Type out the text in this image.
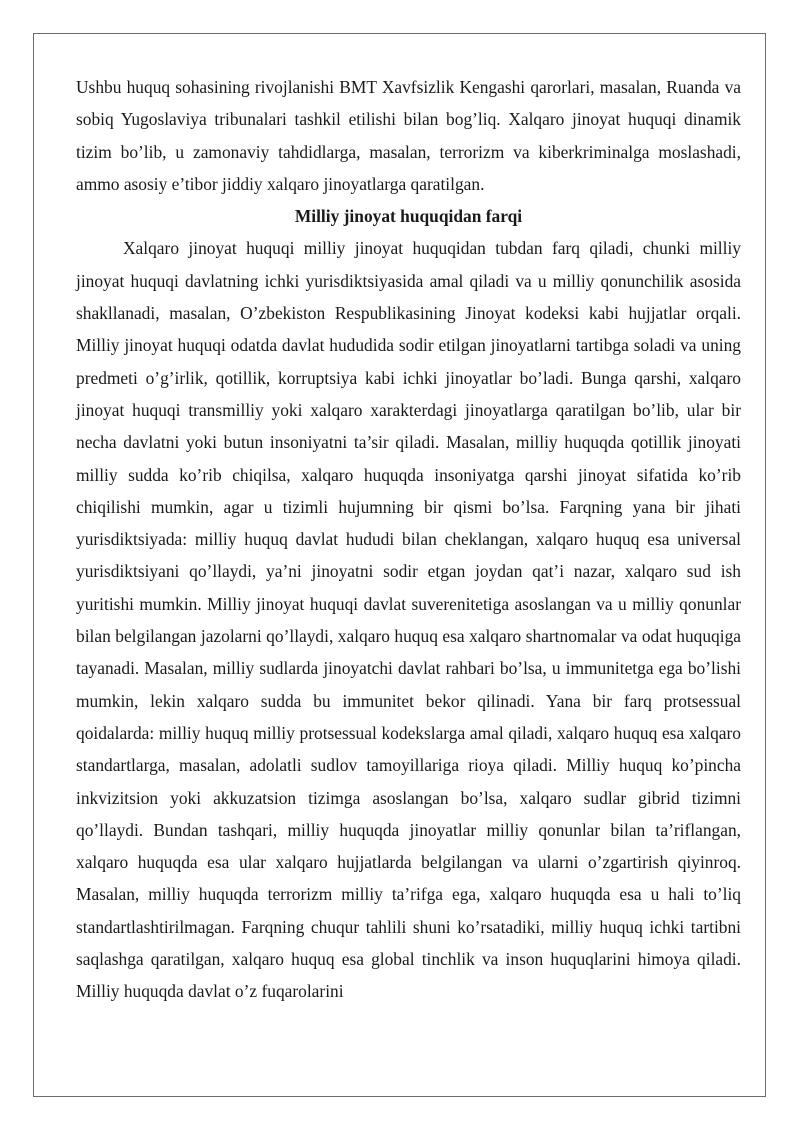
Ushbu huquq sohasining rivojlanishi BMT Xavfsizlik Kengashi qarorlari, masalan, Ruanda va sobiq Yugoslaviya tribunalari tashkil etilishi bilan bog’liq. Xalqaro jinoyat huquqi dinamik tizim bo’lib, u zamonaviy tahdidlarga, masalan, terrorizm va kiberkriminalga moslashadi, ammo asosiy e’tibor jiddiy xalqaro jinoyatlarga qaratilgan.

Milliy jinoyat huquqidan farqi

Xalqaro jinoyat huquqi milliy jinoyat huquqidan tubdan farq qiladi, chunki milliy jinoyat huquqi davlatning ichki yurisdiktsiyasida amal qiladi va u milliy qonunchilik asosida shakllanadi, masalan, O’zbekiston Respublikasining Jinoyat kodeksi kabi hujjatlar orqali. Milliy jinoyat huquqi odatda davlat hududida sodir etilgan jinoyatlarni tartibga soladi va uning predmeti o’g’irlik, qotillik, korruptsiya kabi ichki jinoyatlar bo’ladi. Bunga qarshi, xalqaro jinoyat huquqi transmilliy yoki xalqaro xarakterdagi jinoyatlarga qaratilgan bo’lib, ular bir necha davlatni yoki butun insoniyatni ta’sir qiladi. Masalan, milliy huquqda qotillik jinoyati milliy sudda ko’rib chiqilsa, xalqaro huquqda insoniyatga qarshi jinoyat sifatida ko’rib chiqilishi mumkin, agar u tizimli hujumning bir qismi bo’lsa. Farqning yana bir jihati yurisdiktsiyada: milliy huquq davlat hududi bilan cheklangan, xalqaro huquq esa universal yurisdiktsiyani qo’llaydi, ya’ni jinoyatni sodir etgan joydan qat’i nazar, xalqaro sud ish yuritishi mumkin. Milliy jinoyat huquqi davlat suverenitetiga asoslangan va u milliy qonunlar bilan belgilangan jazolarni qo’llaydi, xalqaro huquq esa xalqaro shartnomalar va odat huquqiga tayanadi. Masalan, milliy sudlarda jinoyatchi davlat rahbari bo’lsa, u immunitetga ega bo’lishi mumkin, lekin xalqaro sudda bu immunitet bekor qilinadi. Yana bir farq protsessual qoidalarda: milliy huquq milliy protsessual kodekslarga amal qiladi, xalqaro huquq esa xalqaro standartlarga, masalan, adolatli sudlov tamoyillariga rioya qiladi. Milliy huquq ko’pincha inkvizitsion yoki akkuzatsion tizimga asoslangan bo’lsa, xalqaro sudlar gibrid tizimni qo’llaydi. Bundan tashqari, milliy huquqda jinoyatlar milliy qonunlar bilan ta’riflangan, xalqaro huquqda esa ular xalqaro hujjatlarda belgilangan va ularni o’zgartirish qiyinroq. Masalan, milliy huquqda terrorizm milliy ta’rifga ega, xalqaro huquqda esa u hali to’liq standartlashtirilmagan. Farqning chuqur tahlili shuni ko’rsatadiki, milliy huquq ichki tartibni saqlashga qaratilgan, xalqaro huquq esa global tinchlik va inson huquqlarini himoya qiladi. Milliy huquqda davlat o’z fuqarolarini
